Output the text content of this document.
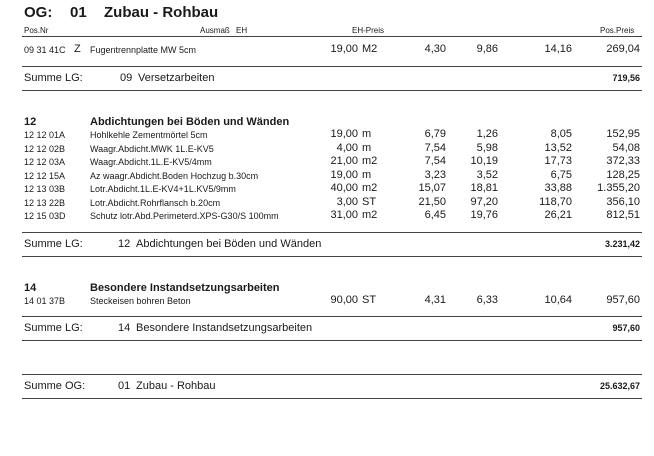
OG: 01 Zubau - Rohbau
Pos.Nr	Ausmaß EH	EH-Preis	Pos.Preis
09 31 41C Z Fugentrennplatte MW 5cm	19,00 M2	4,30	9,86	14,16	269,04
Summe LG:	09 Versetzarbeiten	719,56
12	Abdichtungen bei Böden und Wänden
12 12 01A	Hohlkehle Zementmörtel 5cm	19,00 m	6,79	1,26	8,05	152,95
12 12 02B	Waagr.Abdicht.MWK 1L.E-KV5	4,00 m	7,54	5,98	13,52	54,08
12 12 03A	Waagr.Abdicht.1L.E-KV5/4mm	21,00 m2	7,54	10,19	17,73	372,33
12 12 15A	Az waagr.Abdicht.Boden Hochzug b.30cm	19,00 m	3,23	3,52	6,75	128,25
12 13 03B	Lotr.Abdicht.1L.E-KV4+1L.KV5/9mm	40,00 m2	15,07	18,81	33,88	1.355,20
12 13 22B	Lotr.Abdicht.Rohrflansch b.20cm	3,00 ST	21,50	97,20	118,70	356,10
12 15 03D	Schutz lotr.Abd.Perimeterd.XPS-G30/S 100mm	31,00 m2	6,45	19,76	26,21	812,51
Summe LG:	12 Abdichtungen bei Böden und Wänden	3.231,42
14	Besondere Instandsetzungsarbeiten
14 01 37B	Steckeisen bohren Beton	90,00 ST	4,31	6,33	10,64	957,60
Summe LG:	14 Besondere Instandsetzungsarbeiten	957,60
Summe OG:	01 Zubau - Rohbau	25.632,67
